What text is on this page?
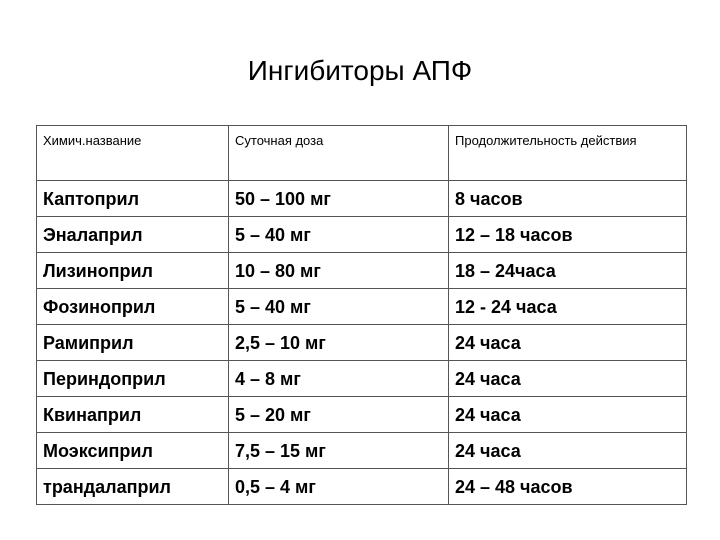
Ингибиторы АПФ
Химич.название	Суточная доза	Продолжительность действия
Каптоприл	50 – 100 мг	8 часов
Эналаприл	5 – 40 мг	12 – 18 часов
Лизиноприл	10 – 80 мг	18 – 24часа
Фозиноприл	5 – 40 мг	12 - 24 часа
Рамиприл	2,5 – 10 мг	24 часа
Периндоприл	4 – 8 мг	24 часа
Квинаприл	5 – 20 мг	24 часа
Моэксиприл	7,5 – 15 мг	24 часа
трандалаприл	0,5 – 4 мг	24 – 48 часов
